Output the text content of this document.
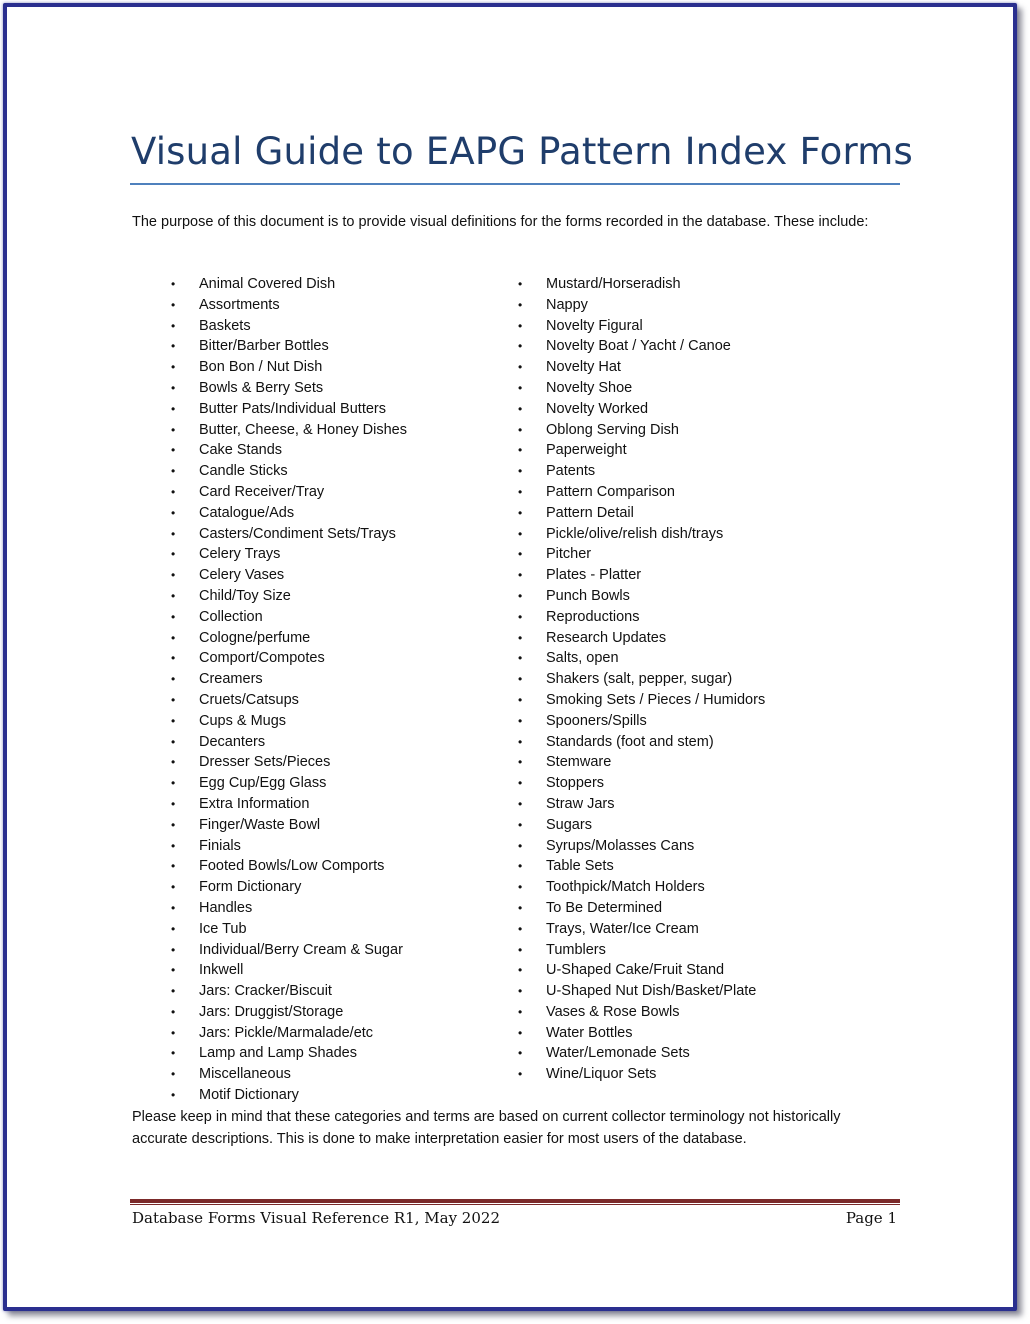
Visual Guide to EAPG Pattern Index Forms

The purpose of this document is to provide visual definitions for the forms recorded in the database. These include:

• Animal Covered Dish
• Assortments
• Baskets
• Bitter/Barber Bottles
• Bon Bon / Nut Dish
• Bowls & Berry Sets
• Butter Pats/Individual Butters
• Butter, Cheese, & Honey Dishes
• Cake Stands
• Candle Sticks
• Card Receiver/Tray
• Catalogue/Ads
• Casters/Condiment Sets/Trays
• Celery Trays
• Celery Vases
• Child/Toy Size
• Collection
• Cologne/perfume
• Comport/Compotes
• Creamers
• Cruets/Catsups
• Cups & Mugs
• Decanters
• Dresser Sets/Pieces
• Egg Cup/Egg Glass
• Extra Information
• Finger/Waste Bowl
• Finials
• Footed Bowls/Low Comports
• Form Dictionary
• Handles
• Ice Tub
• Individual/Berry Cream & Sugar
• Inkwell
• Jars: Cracker/Biscuit
• Jars: Druggist/Storage
• Jars: Pickle/Marmalade/etc
• Lamp and Lamp Shades
• Miscellaneous
• Motif Dictionary
• Mustard/Horseradish
• Nappy
• Novelty Figural
• Novelty Boat / Yacht / Canoe
• Novelty Hat
• Novelty Shoe
• Novelty Worked
• Oblong Serving Dish
• Paperweight
• Patents
• Pattern Comparison
• Pattern Detail
• Pickle/olive/relish dish/trays
• Pitcher
• Plates - Platter
• Punch Bowls
• Reproductions
• Research Updates
• Salts, open
• Shakers (salt, pepper, sugar)
• Smoking Sets / Pieces / Humidors
• Spooners/Spills
• Standards (foot and stem)
• Stemware
• Stoppers
• Straw Jars
• Sugars
• Syrups/Molasses Cans
• Table Sets
• Toothpick/Match Holders
• To Be Determined
• Trays, Water/Ice Cream
• Tumblers
• U-Shaped Cake/Fruit Stand
• U-Shaped Nut Dish/Basket/Plate
• Vases & Rose Bowls
• Water Bottles
• Water/Lemonade Sets
• Wine/Liquor Sets

Please keep in mind that these categories and terms are based on current collector terminology not historically accurate descriptions. This is done to make interpretation easier for most users of the database.

Database Forms Visual Reference R1, May 2022	Page 1
